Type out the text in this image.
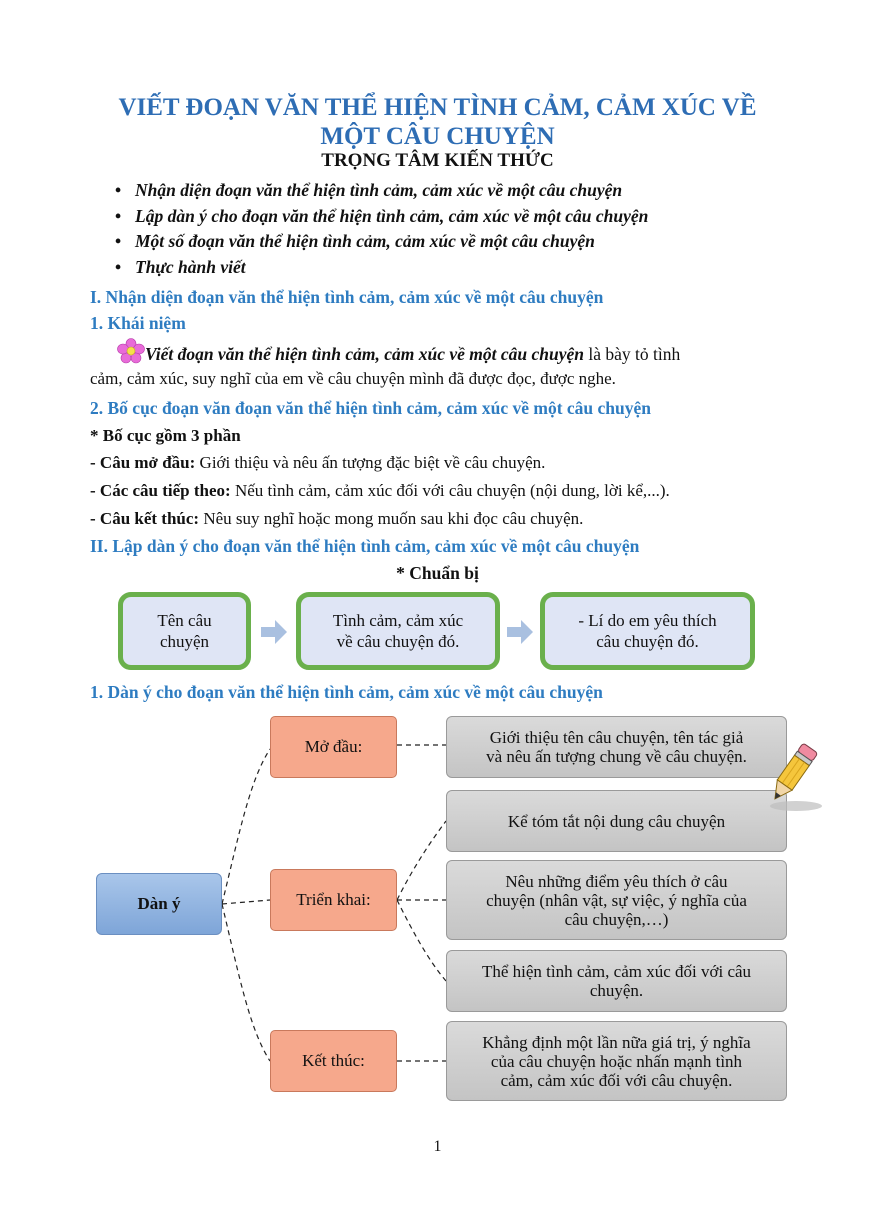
VIẾT ĐOẠN VĂN THỂ HIỆN TÌNH CẢM, CẢM XÚC VỀ
MỘT CÂU CHUYỆN
TRỌNG TÂM KIẾN THỨC
• Nhận diện đoạn văn thể hiện tình cảm, cảm xúc về một câu chuyện
• Lập dàn ý cho đoạn văn thể hiện tình cảm, cảm xúc về một câu chuyện
• Một số đoạn văn thể hiện tình cảm, cảm xúc về một câu chuyện
• Thực hành viết
I. Nhận diện đoạn văn thể hiện tình cảm, cảm xúc về một câu chuyện
1. Khái niệm
Viết đoạn văn thể hiện tình cảm, cảm xúc về một câu chuyện là bày tỏ tình
cảm, cảm xúc, suy nghĩ của em về câu chuyện mình đã được đọc, được nghe.
2. Bố cục đoạn văn đoạn văn thể hiện tình cảm, cảm xúc về một câu chuyện
* Bố cục gồm 3 phần
- Câu mở đầu: Giới thiệu và nêu ấn tượng đặc biệt về câu chuyện.
- Các câu tiếp theo: Nếu tình cảm, cảm xúc đối với câu chuyện (nội dung, lời kể,...).
- Câu kết thúc: Nêu suy nghĩ hoặc mong muốn sau khi đọc câu chuyện.
II. Lập dàn ý cho đoạn văn thể hiện tình cảm, cảm xúc về một câu chuyện
* Chuẩn bị
Tên câu
chuyện
Tình cảm, cảm xúc
về câu chuyện đó.
- Lí do em yêu thích
câu chuyện đó.
1. Dàn ý cho đoạn văn thể hiện tình cảm, cảm xúc về một câu chuyện
Dàn ý
Mở đầu:
Triển khai:
Kết thúc:
Giới thiệu tên câu chuyện, tên tác giả
và nêu ấn tượng chung về câu chuyện.
Kể tóm tắt nội dung câu chuyện
Nêu những điểm yêu thích ở câu
chuyện (nhân vật, sự việc, ý nghĩa của
câu chuyện,…)
Thể hiện tình cảm, cảm xúc đối với câu
chuyện.
Khẳng định một lần nữa giá trị, ý nghĩa
của câu chuyện hoặc nhấn mạnh tình
cảm, cảm xúc đối với câu chuyện.
1
